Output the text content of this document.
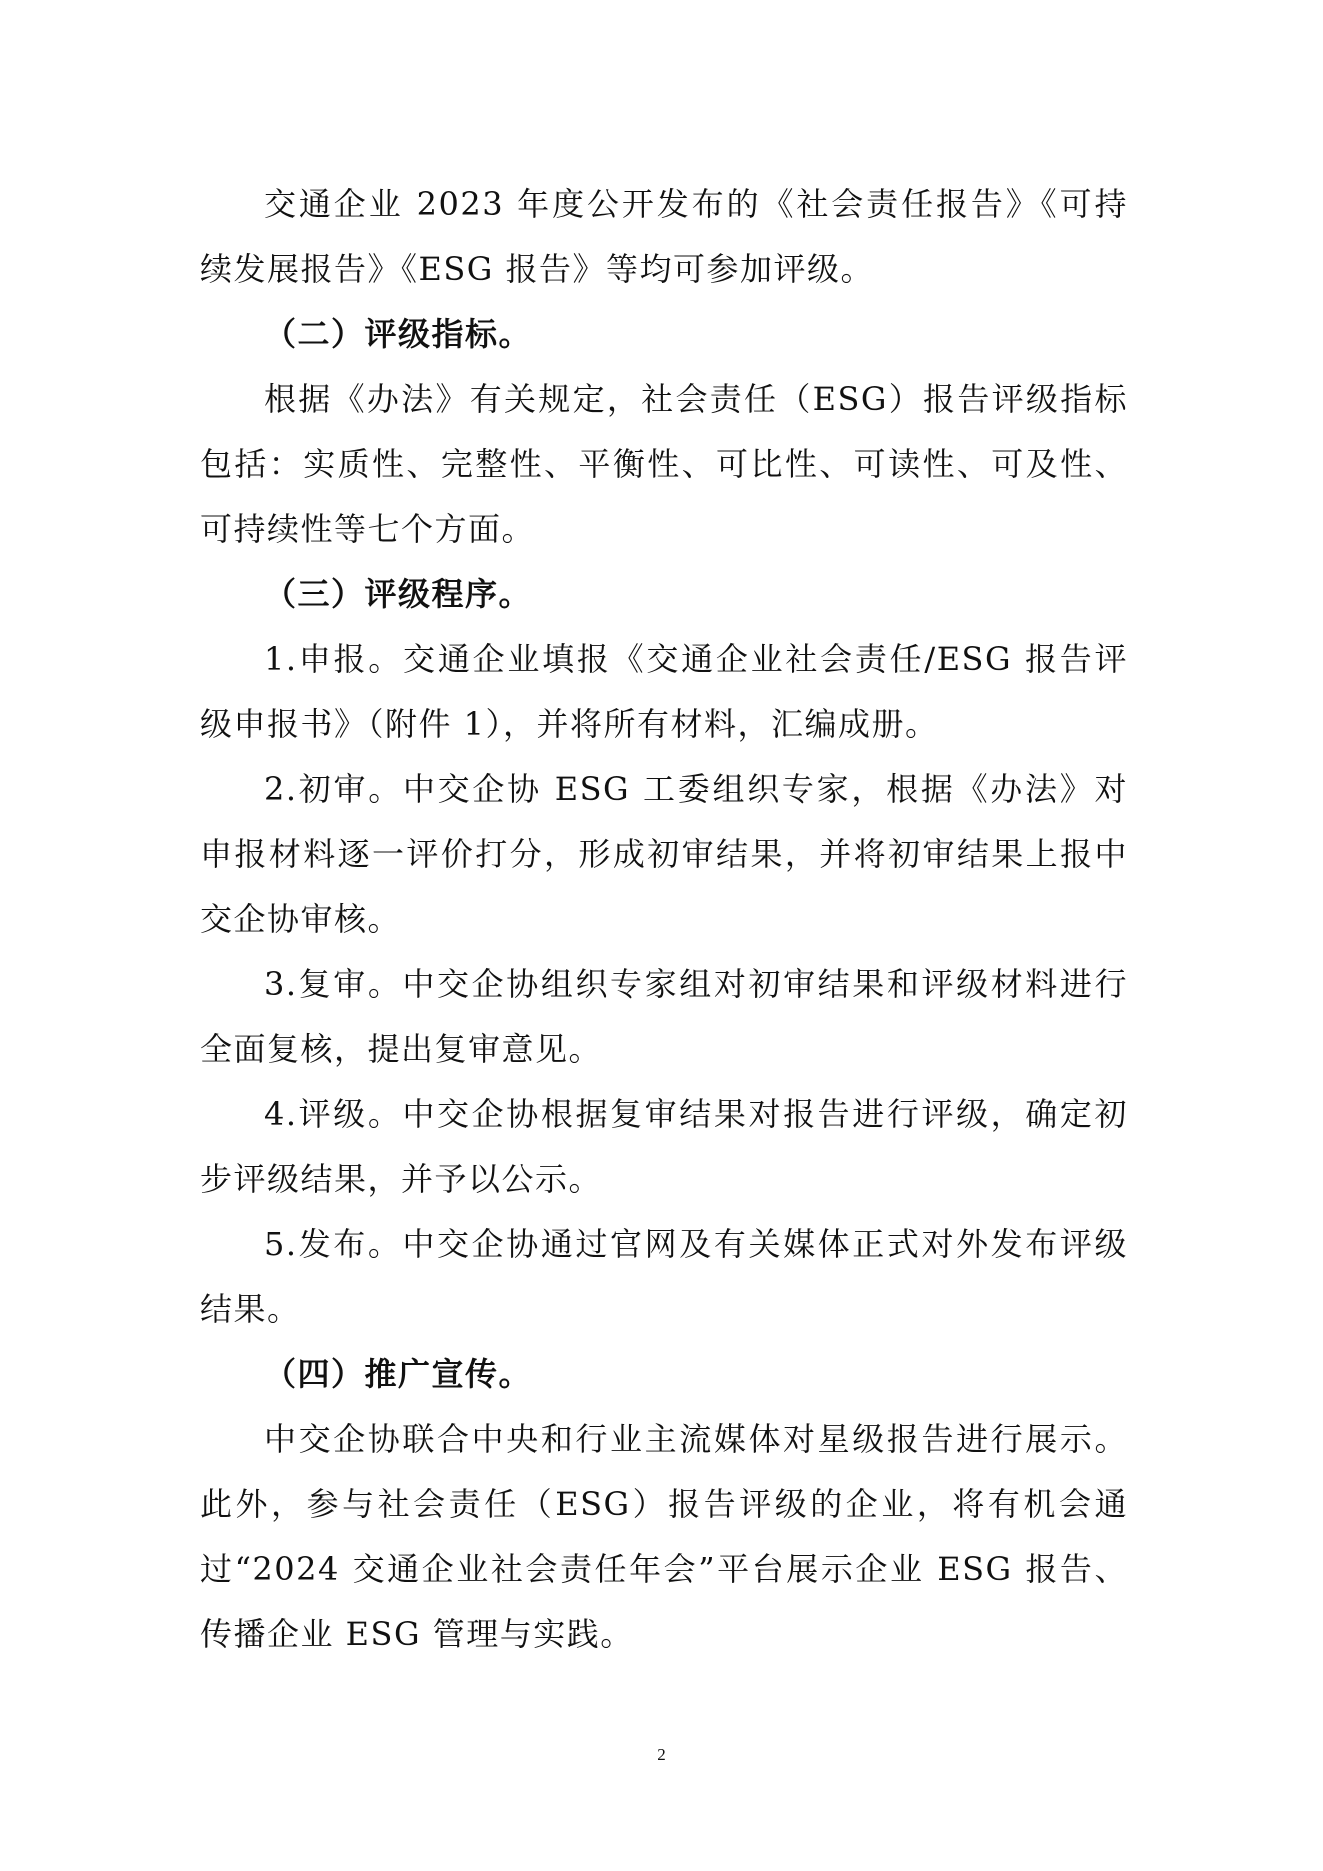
交通企业 2023 年度公开发布的《社会责任报告》《可持续发展报告》《ESG 报告》等均可参加评级。

（二）评级指标。

根据《办法》有关规定，社会责任（ESG）报告评级指标包括：实质性、完整性、平衡性、可比性、可读性、可及性、可持续性等七个方面。

（三）评级程序。

1.申报。交通企业填报《交通企业社会责任/ESG 报告评级申报书》（附件 1），并将所有材料，汇编成册。

2.初审。中交企协 ESG 工委组织专家，根据《办法》对申报材料逐一评价打分，形成初审结果，并将初审结果上报中交企协审核。

3.复审。中交企协组织专家组对初审结果和评级材料进行全面复核，提出复审意见。

4.评级。中交企协根据复审结果对报告进行评级，确定初步评级结果，并予以公示。

5.发布。中交企协通过官网及有关媒体正式对外发布评级结果。

（四）推广宣传。

中交企协联合中央和行业主流媒体对星级报告进行展示。此外，参与社会责任（ESG）报告评级的企业，将有机会通过“2024 交通企业社会责任年会”平台展示企业 ESG 报告、传播企业 ESG 管理与实践。

2
